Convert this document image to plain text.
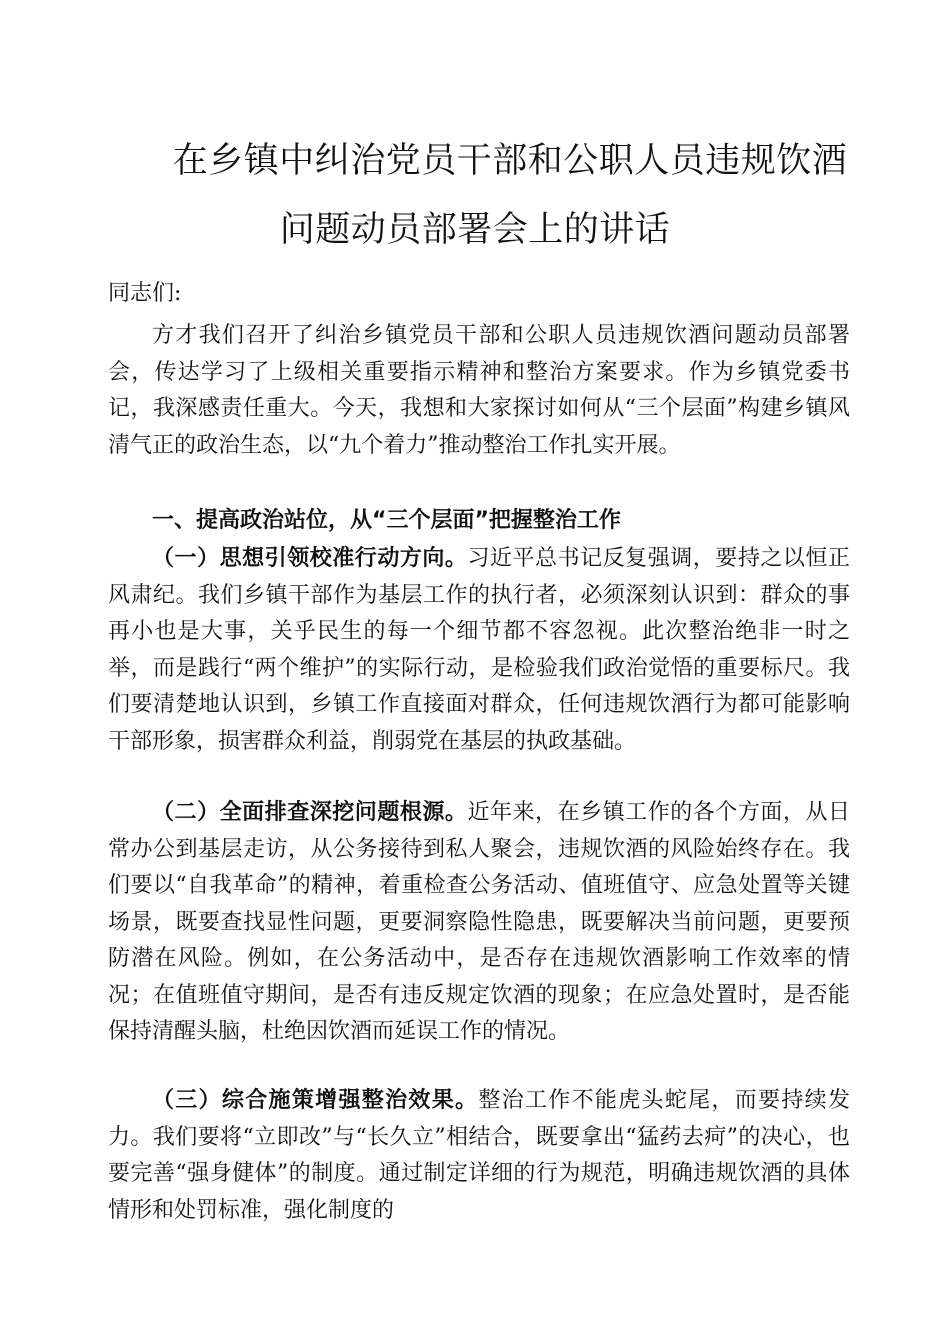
在乡镇中纠治党员干部和公职人员违规饮酒
问题动员部署会上的讲话

同志们:

方才我们召开了纠治乡镇党员干部和公职人员违规饮酒问题动员部署会，传达学习了上级相关重要指示精神和整治方案要求。作为乡镇党委书记，我深感责任重大。今天，我想和大家探讨如何从“三个层面”构建乡镇风清气正的政治生态，以“九个着力”推动整治工作扎实开展。

一、提高政治站位，从“三个层面”把握整治工作

（一）思想引领校准行动方向。习近平总书记反复强调，要持之以恒正风肃纪。我们乡镇干部作为基层工作的执行者，必须深刻认识到：群众的事再小也是大事，关乎民生的每一个细节都不容忽视。此次整治绝非一时之举，而是践行“两个维护”的实际行动，是检验我们政治觉悟的重要标尺。我们要清楚地认识到，乡镇工作直接面对群众，任何违规饮酒行为都可能影响干部形象，损害群众利益，削弱党在基层的执政基础。

（二）全面排查深挖问题根源。近年来，在乡镇工作的各个方面，从日常办公到基层走访，从公务接待到私人聚会，违规饮酒的风险始终存在。我们要以“自我革命”的精神，着重检查公务活动、值班值守、应急处置等关键场景，既要查找显性问题，更要洞察隐性隐患，既要解决当前问题，更要预防潜在风险。例如，在公务活动中，是否存在违规饮酒影响工作效率的情况；在值班值守期间，是否有违反规定饮酒的现象；在应急处置时，是否能保持清醒头脑，杜绝因饮酒而延误工作的情况。

（三）综合施策增强整治效果。整治工作不能虎头蛇尾，而要持续发力。我们要将“立即改”与“长久立”相结合，既要拿出“猛药去疴”的决心，也要完善“强身健体”的制度。通过制定详细的行为规范，明确违规饮酒的具体情形和处罚标准，强化制度的
